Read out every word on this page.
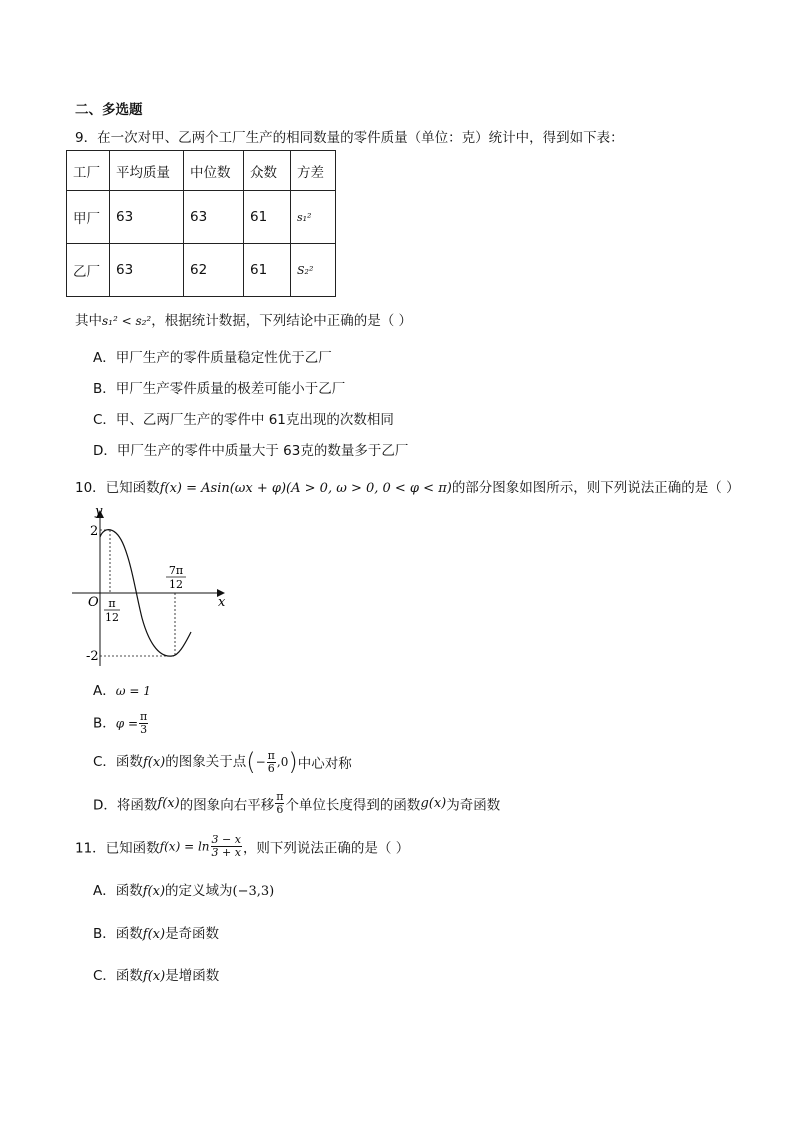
二、多选题
9．在一次对甲、乙两个工厂生产的相同数量的零件质量（单位：克）统计中，得到如下表：
工厂	平均质量	中位数	众数	方差
甲厂	63	63	61	s₁²
乙厂	63	62	61	S₂²
其中s₁² < s₂²，根据统计数据，下列结论中正确的是（ ）
A．甲厂生产的零件质量稳定性优于乙厂
B．甲厂生产零件质量的极差可能小于乙厂
C．甲、乙两厂生产的零件中 61克出现的次数相同
D．甲厂生产的零件中质量大于 63克的数量多于乙厂
10．已知函数f(x) = Asin(ωx + φ)(A > 0, ω > 0, 0 < φ < π)的部分图象如图所示，则下列说法正确的是（ ）
y
x
O
2
-2
π
12
7π
12
A．ω = 1
B．$\varphi = \frac{\pi}{3}$
C．函数f(x)的图象关于点(− $\frac{\pi}{6} ,0$)中心对称
D．将函数f(x)的图象向右平移 $\frac{\pi}{6}$ 个单位长度得到的函数g(x)为奇函数
11．已知函数$f(x) = \ln \frac{3 - x}{3 + x}$ ，则下列说法正确的是（ ）
A．函数f(x)的定义域为(−3,3)
B．函数f(x)是奇函数
C．函数f(x)是增函数
